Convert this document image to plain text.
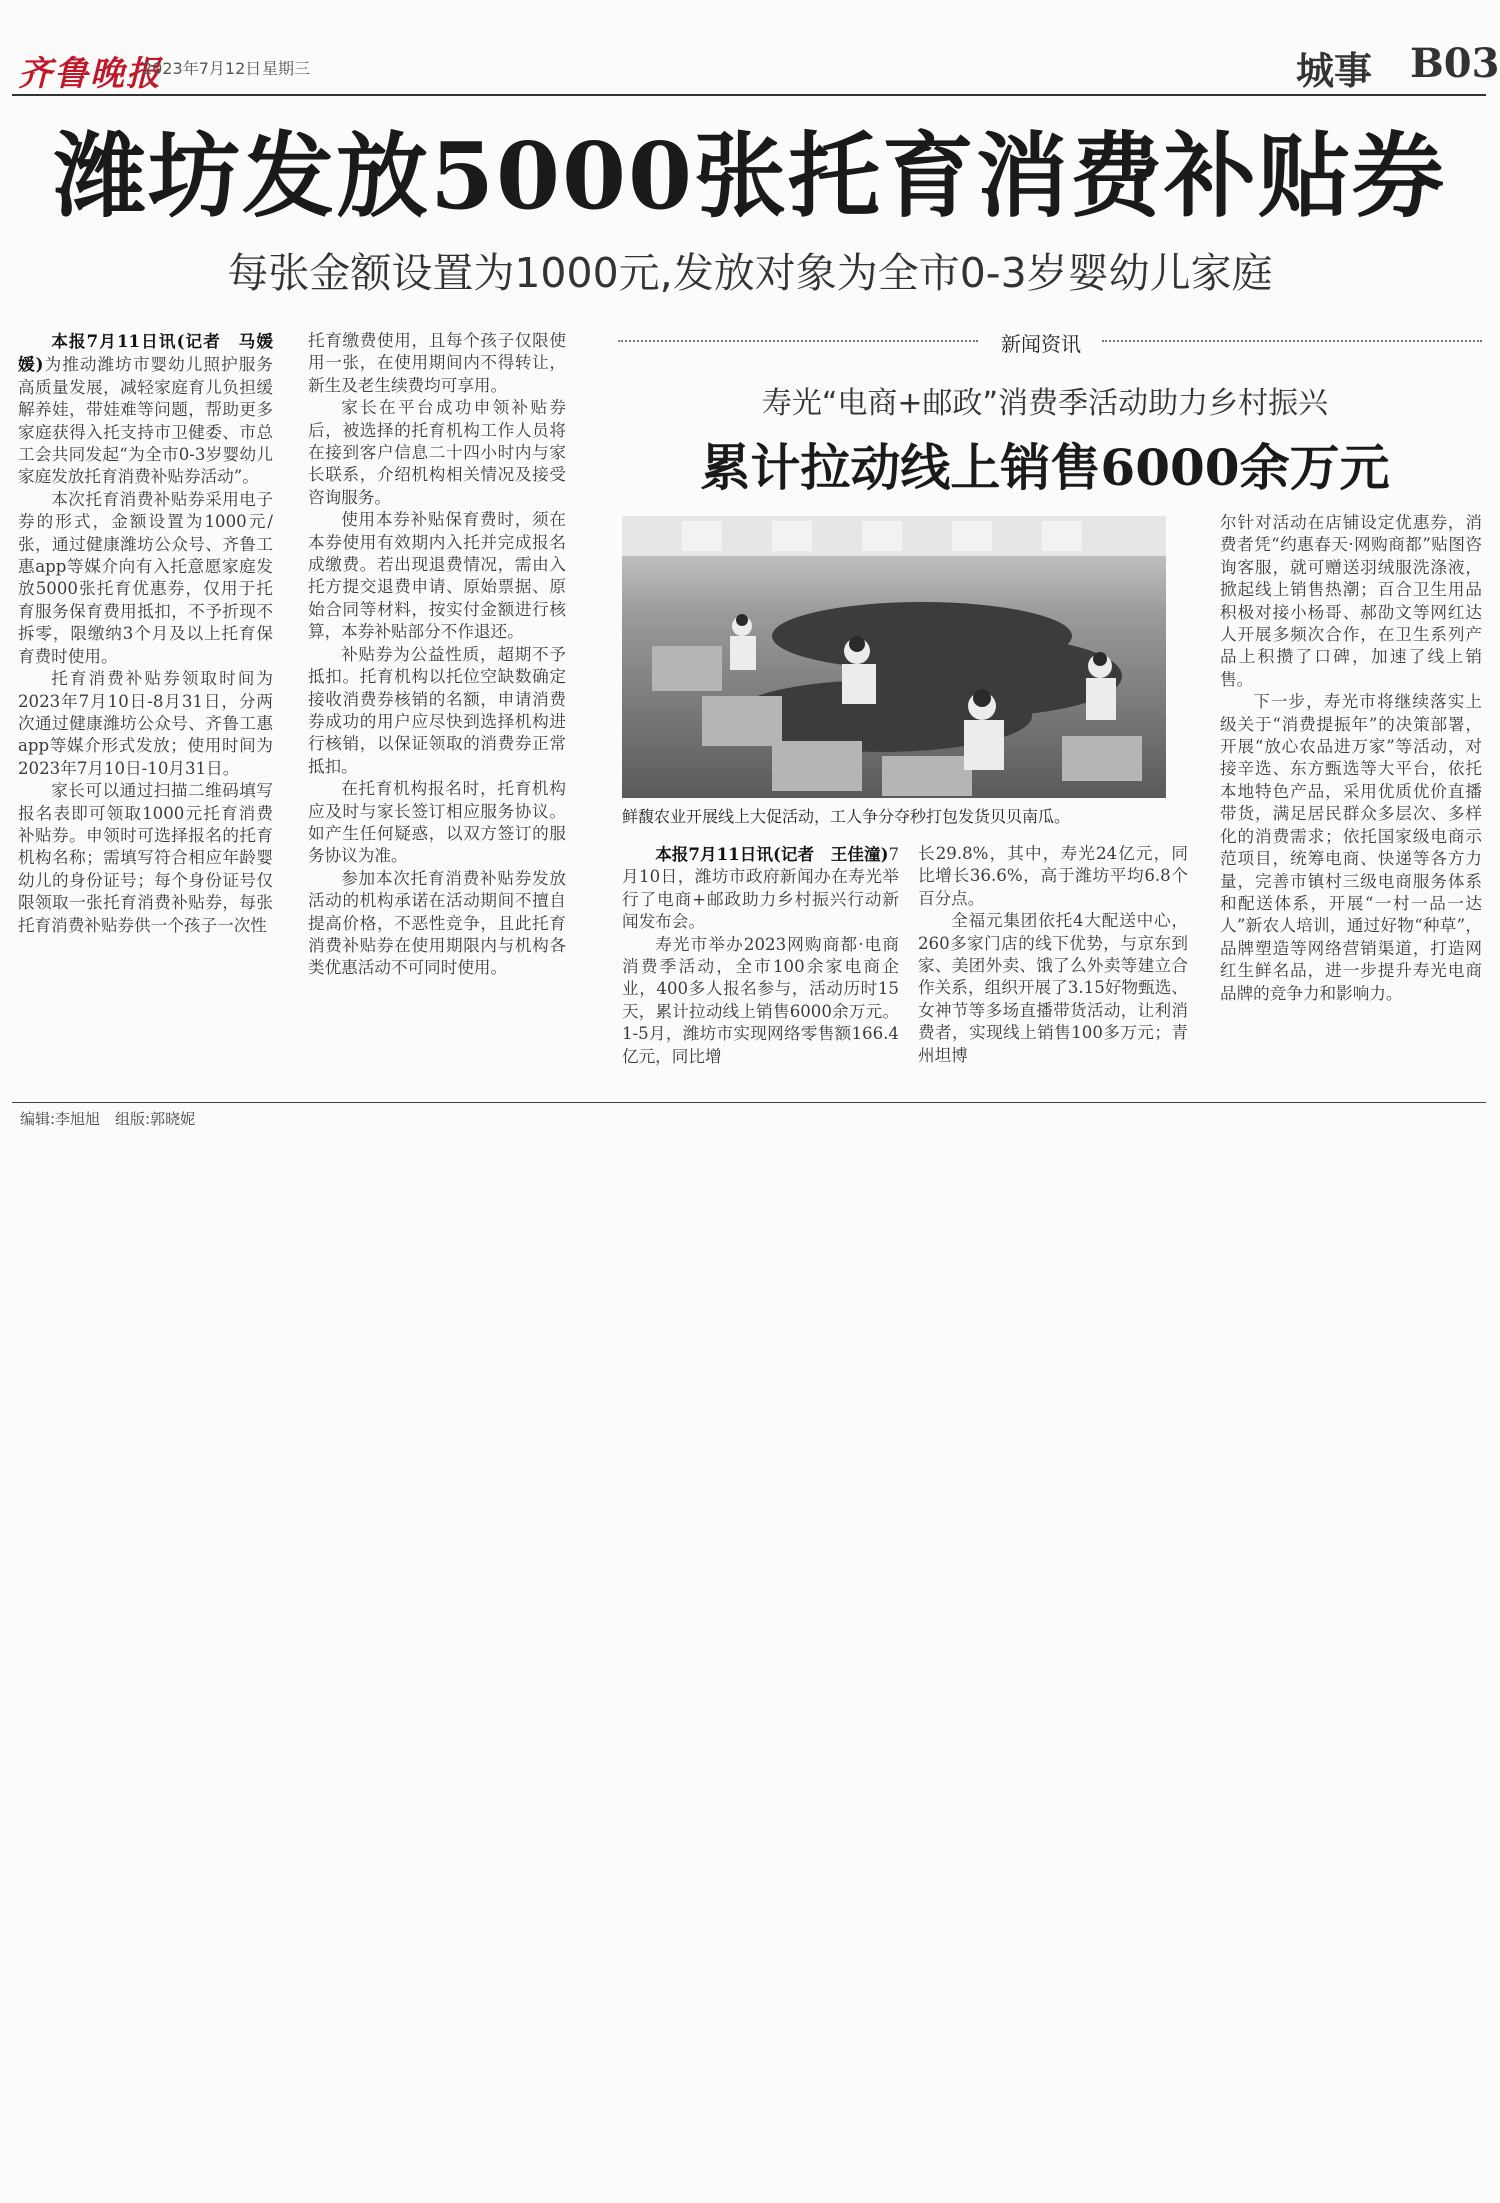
齐鲁晚报
2023年7月12日 星期三	城事 B03
潍坊发放5000张托育消费补贴券
每张金额设置为1000元,发放对象为全市0-3岁婴幼儿家庭

本报7月11日讯(记者　马媛媛)为推动潍坊市婴幼儿照护服务高质量发展，减轻家庭育儿负担缓解养娃，带娃难等问题，帮助更多家庭获得入托支持市卫健委、市总工会共同发起“为全市0-3岁婴幼儿家庭发放托育消费补贴券活动”。

本次托育消费补贴券采用电子券的形式，金额设置为1000元/张，通过健康潍坊公众号、齐鲁工惠app等媒介向有入托意愿家庭发放5000张托育优惠券，仅用于托育服务保育费用抵扣，不予折现不拆零，限缴纳3个月及以上托育保育费时使用。

托育消费补贴券领取时间为2023年7月10日-8月31日，分两次通过健康潍坊公众号、齐鲁工惠app等媒介形式发放；使用时间为2023年7月10日-10月31日。

家长可以通过扫描二维码填写报名表即可领取1000元托育消费补贴券。申领时可选择报名的托育机构名称；需填写符合相应年龄婴幼儿的身份证号；每个身份证号仅限领取一张托育消费补贴券，每张托育消费补贴券供一个孩子一次性

托育缴费使用，且每个孩子仅限使用一张，在使用期间内不得转让，新生及老生续费均可享用。

家长在平台成功申领补贴券后，被选择的托育机构工作人员将在接到客户信息二十四小时内与家长联系，介绍机构相关情况及接受咨询服务。

使用本券补贴保育费时，须在本券使用有效期内入托并完成报名成缴费。若出现退费情况，需由入托方提交退费申请、原始票据、原始合同等材料，按实付金额进行核算，本券补贴部分不作退还。

补贴券为公益性质，超期不予抵扣。托育机构以托位空缺数确定接收消费券核销的名额，申请消费券成功的用户应尽快到选择机构进行核销，以保证领取的消费券正常抵扣。

在托育机构报名时，托育机构应及时与家长签订相应服务协议。如产生任何疑惑，以双方签订的服务协议为准。

参加本次托育消费补贴券发放活动的机构承诺在活动期间不擅自提高价格，不恶性竞争，且此托育消费补贴券在使用期限内与机构各类优惠活动不可同时使用。

新闻资讯
寿光“电商+邮政”消费季活动助力乡村振兴
累计拉动线上销售6000余万元
鲜馥农业开展线上大促活动，工人争分夺秒打包发货贝贝南瓜。

本报7月11日讯(记者　王佳潼)7月10日，潍坊市政府新闻办在寿光举行了电商+邮政助力乡村振兴行动新闻发布会。

寿光市举办2023网购商都·电商消费季活动，全市100余家电商企业，400多人报名参与，活动历时15天，累计拉动线上销售6000余万元。1-5月，潍坊市实现网络零售额166.4亿元，同比增

长29.8%，其中，寿光24亿元，同比增长36.6%，高于潍坊平均6.8个百分点。

全福元集团依托4大配送中心，260多家门店的线下优势，与京东到家、美团外卖、饿了么外卖等建立合作关系，组织开展了3.15好物甄选、女神节等多场直播带货活动，让利消费者，实现线上销售100多万元；青州坦博

尔针对活动在店铺设定优惠券，消费者凭“约惠春天·网购商都”贴图咨询客服，就可赠送羽绒服洗涤液，掀起线上销售热潮；百合卫生用品积极对接小杨哥、郝劭文等网红达人开展多频次合作，在卫生系列产品上积攒了口碑，加速了线上销售。

下一步，寿光市将继续落实上级关于“消费提振年”的决策部署，开展“放心农品进万家”等活动，对接辛选、东方甄选等大平台，依托本地特色产品，采用优质优价直播带货，满足居民群众多层次、多样化的消费需求；依托国家级电商示范项目，统筹电商、快递等各方力量，完善市镇村三级电商服务体系和配送体系，开展“一村一品一达人”新农人培训，通过好物“种草”，品牌塑造等网络营销渠道，打造网红生鲜名品，进一步提升寿光电商品牌的竞争力和影响力。

编辑:李旭旭　组版:郭晓妮
